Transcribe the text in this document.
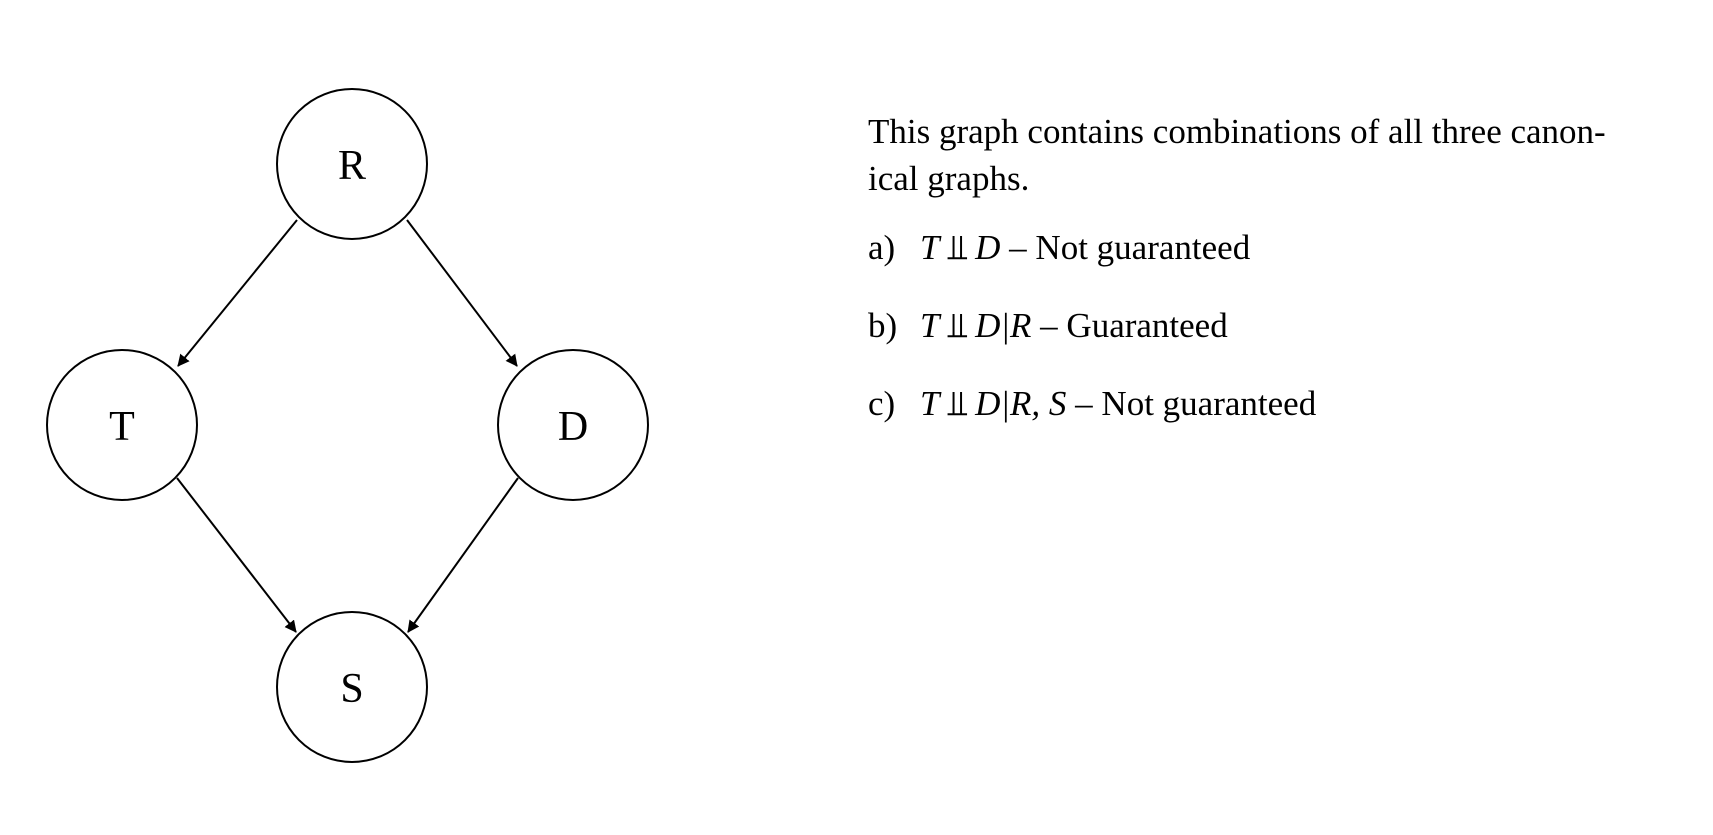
R
T	D
S

This graph contains combinations of all three canon-
ical graphs.

a) T ⫫ D – Not guaranteed
b) T ⫫ D|R – Guaranteed
c) T ⫫ D|R, S – Not guaranteed
